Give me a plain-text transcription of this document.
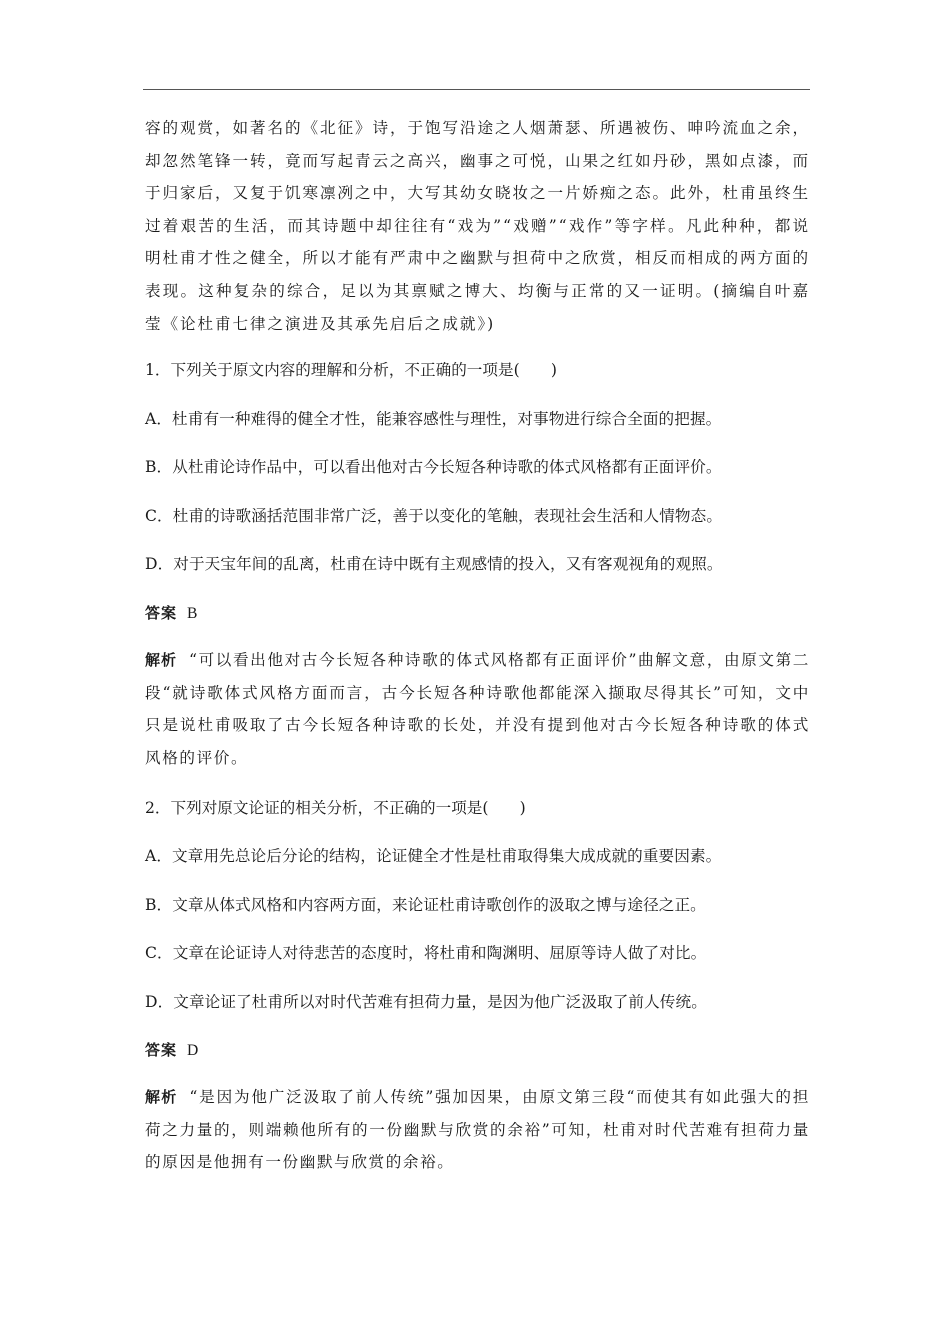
容的观赏，如著名的《北征》诗，于饱写沿途之人烟萧瑟、所遇被伤、呻吟流血之余，却忽然笔锋一转，竟而写起青云之高兴，幽事之可悦，山果之红如丹砂，黑如点漆，而于归家后，又复于饥寒凛冽之中，大写其幼女晓妆之一片娇痴之态。此外，杜甫虽终生过着艰苦的生活，而其诗题中却往往有“戏为”“戏赠”“戏作”等字样。凡此种种，都说明杜甫才性之健全，所以才能有严肃中之幽默与担荷中之欣赏，相反而相成的两方面的表现。这种复杂的综合，足以为其禀赋之博大、均衡与正常的又一证明。(摘编自叶嘉莹《论杜甫七律之演进及其承先启后之成就》)

1．下列关于原文内容的理解和分析，不正确的一项是(　　)
A．杜甫有一种难得的健全才性，能兼容感性与理性，对事物进行综合全面的把握。
B．从杜甫论诗作品中，可以看出他对古今长短各种诗歌的体式风格都有正面评价。
C．杜甫的诗歌涵括范围非常广泛，善于以变化的笔触，表现社会生活和人情物态。
D．对于天宝年间的乱离，杜甫在诗中既有主观感情的投入，又有客观视角的观照。
答案 B
解析 “可以看出他对古今长短各种诗歌的体式风格都有正面评价”曲解文意，由原文第二段“就诗歌体式风格方面而言，古今长短各种诗歌他都能深入撷取尽得其长”可知，文中只是说杜甫吸取了古今长短各种诗歌的长处，并没有提到他对古今长短各种诗歌的体式风格的评价。
2．下列对原文论证的相关分析，不正确的一项是(　　)
A．文章用先总论后分论的结构，论证健全才性是杜甫取得集大成成就的重要因素。
B．文章从体式风格和内容两方面，来论证杜甫诗歌创作的汲取之博与途径之正。
C．文章在论证诗人对待悲苦的态度时，将杜甫和陶渊明、屈原等诗人做了对比。
D．文章论证了杜甫所以对时代苦难有担荷力量，是因为他广泛汲取了前人传统。
答案 D
解析 “是因为他广泛汲取了前人传统”强加因果，由原文第三段“而使其有如此强大的担荷之力量的，则端赖他所有的一份幽默与欣赏的余裕”可知，杜甫对时代苦难有担荷力量的原因是他拥有一份幽默与欣赏的余裕。
